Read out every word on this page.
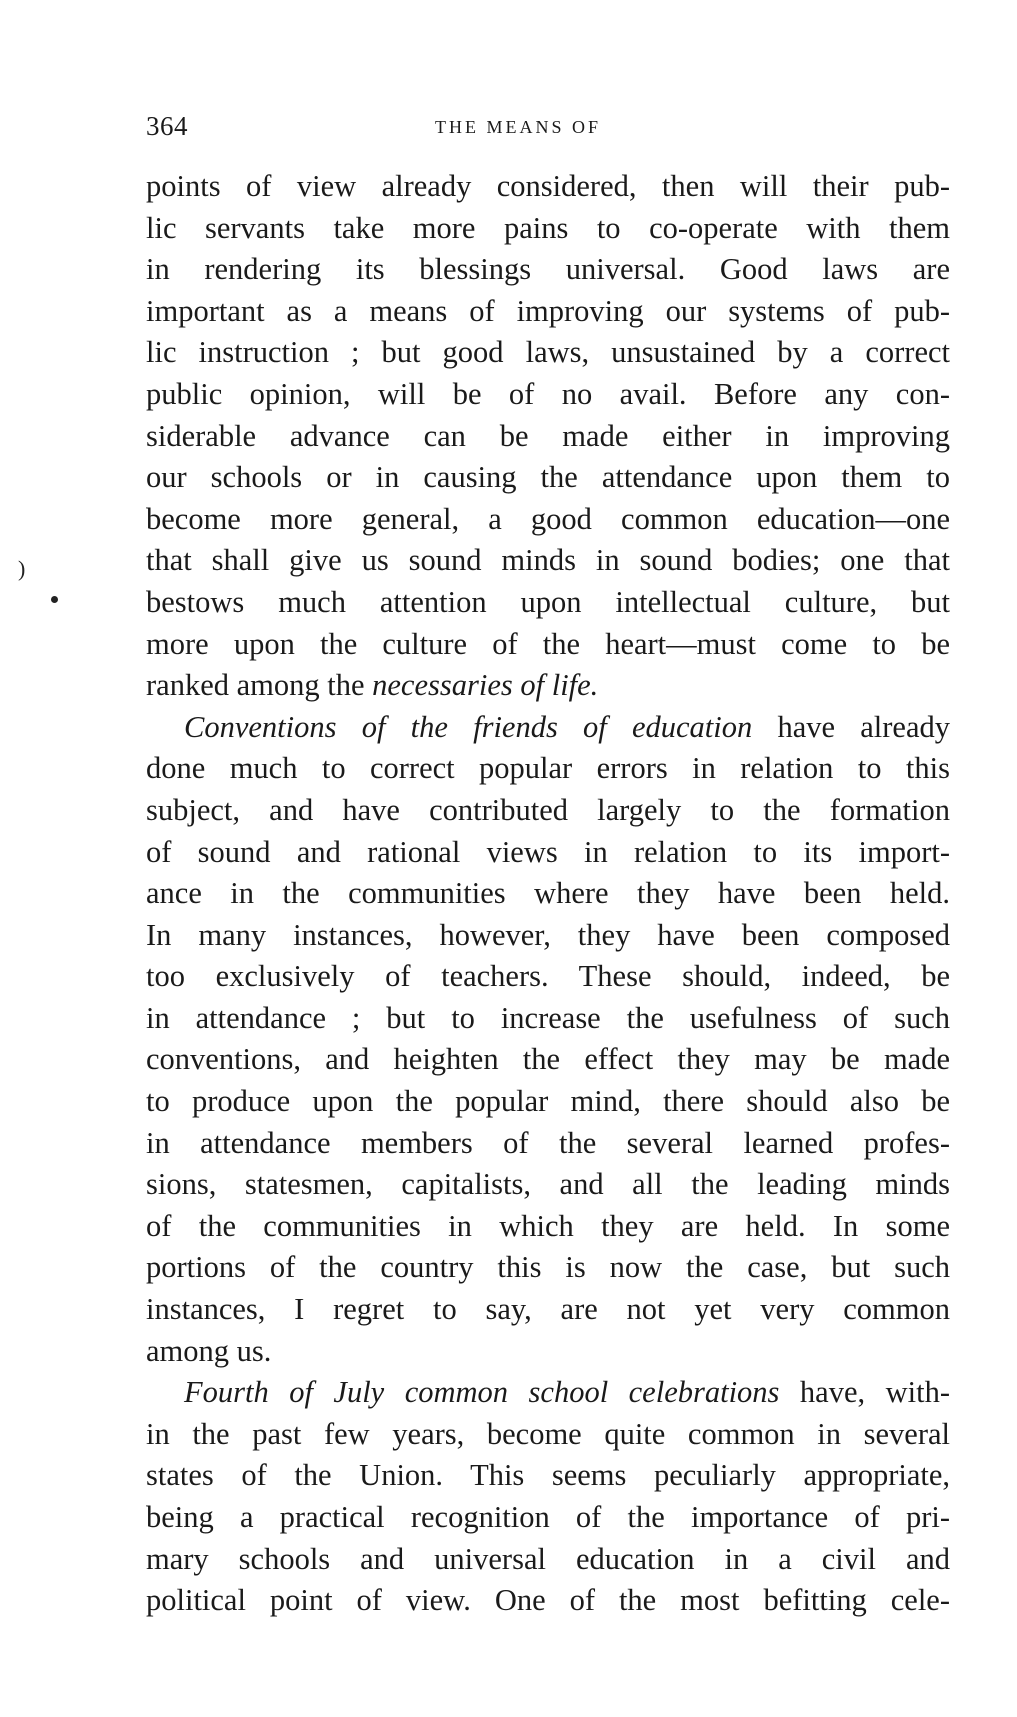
)
364	THE MEANS OF
points of view already considered, then will their pub-
lic servants take more pains to co-operate with them
in rendering its blessings universal. Good laws are
important as a means of improving our systems of pub-
lic instruction ; but good laws, unsustained by a correct
public opinion, will be of no avail. Before any con-
siderable advance can be made either in improving
our schools or in causing the attendance upon them to
become more general, a good common education—one
that shall give us sound minds in sound bodies; one that
bestows much attention upon intellectual culture, but
more upon the culture of the heart—must come to be
ranked among the necessaries of life.
Conventions of the friends of education have already
done much to correct popular errors in relation to this
subject, and have contributed largely to the formation
of sound and rational views in relation to its import-
ance in the communities where they have been held.
In many instances, however, they have been composed
too exclusively of teachers. These should, indeed, be
in attendance ; but to increase the usefulness of such
conventions, and heighten the effect they may be made
to produce upon the popular mind, there should also be
in attendance members of the several learned profes-
sions, statesmen, capitalists, and all the leading minds
of the communities in which they are held. In some
portions of the country this is now the case, but such
instances, I regret to say, are not yet very common
among us.
Fourth of July common school celebrations have, with-
in the past few years, become quite common in several
states of the Union. This seems peculiarly appropriate,
being a practical recognition of the importance of pri-
mary schools and universal education in a civil and
political point of view. One of the most befitting cele-
